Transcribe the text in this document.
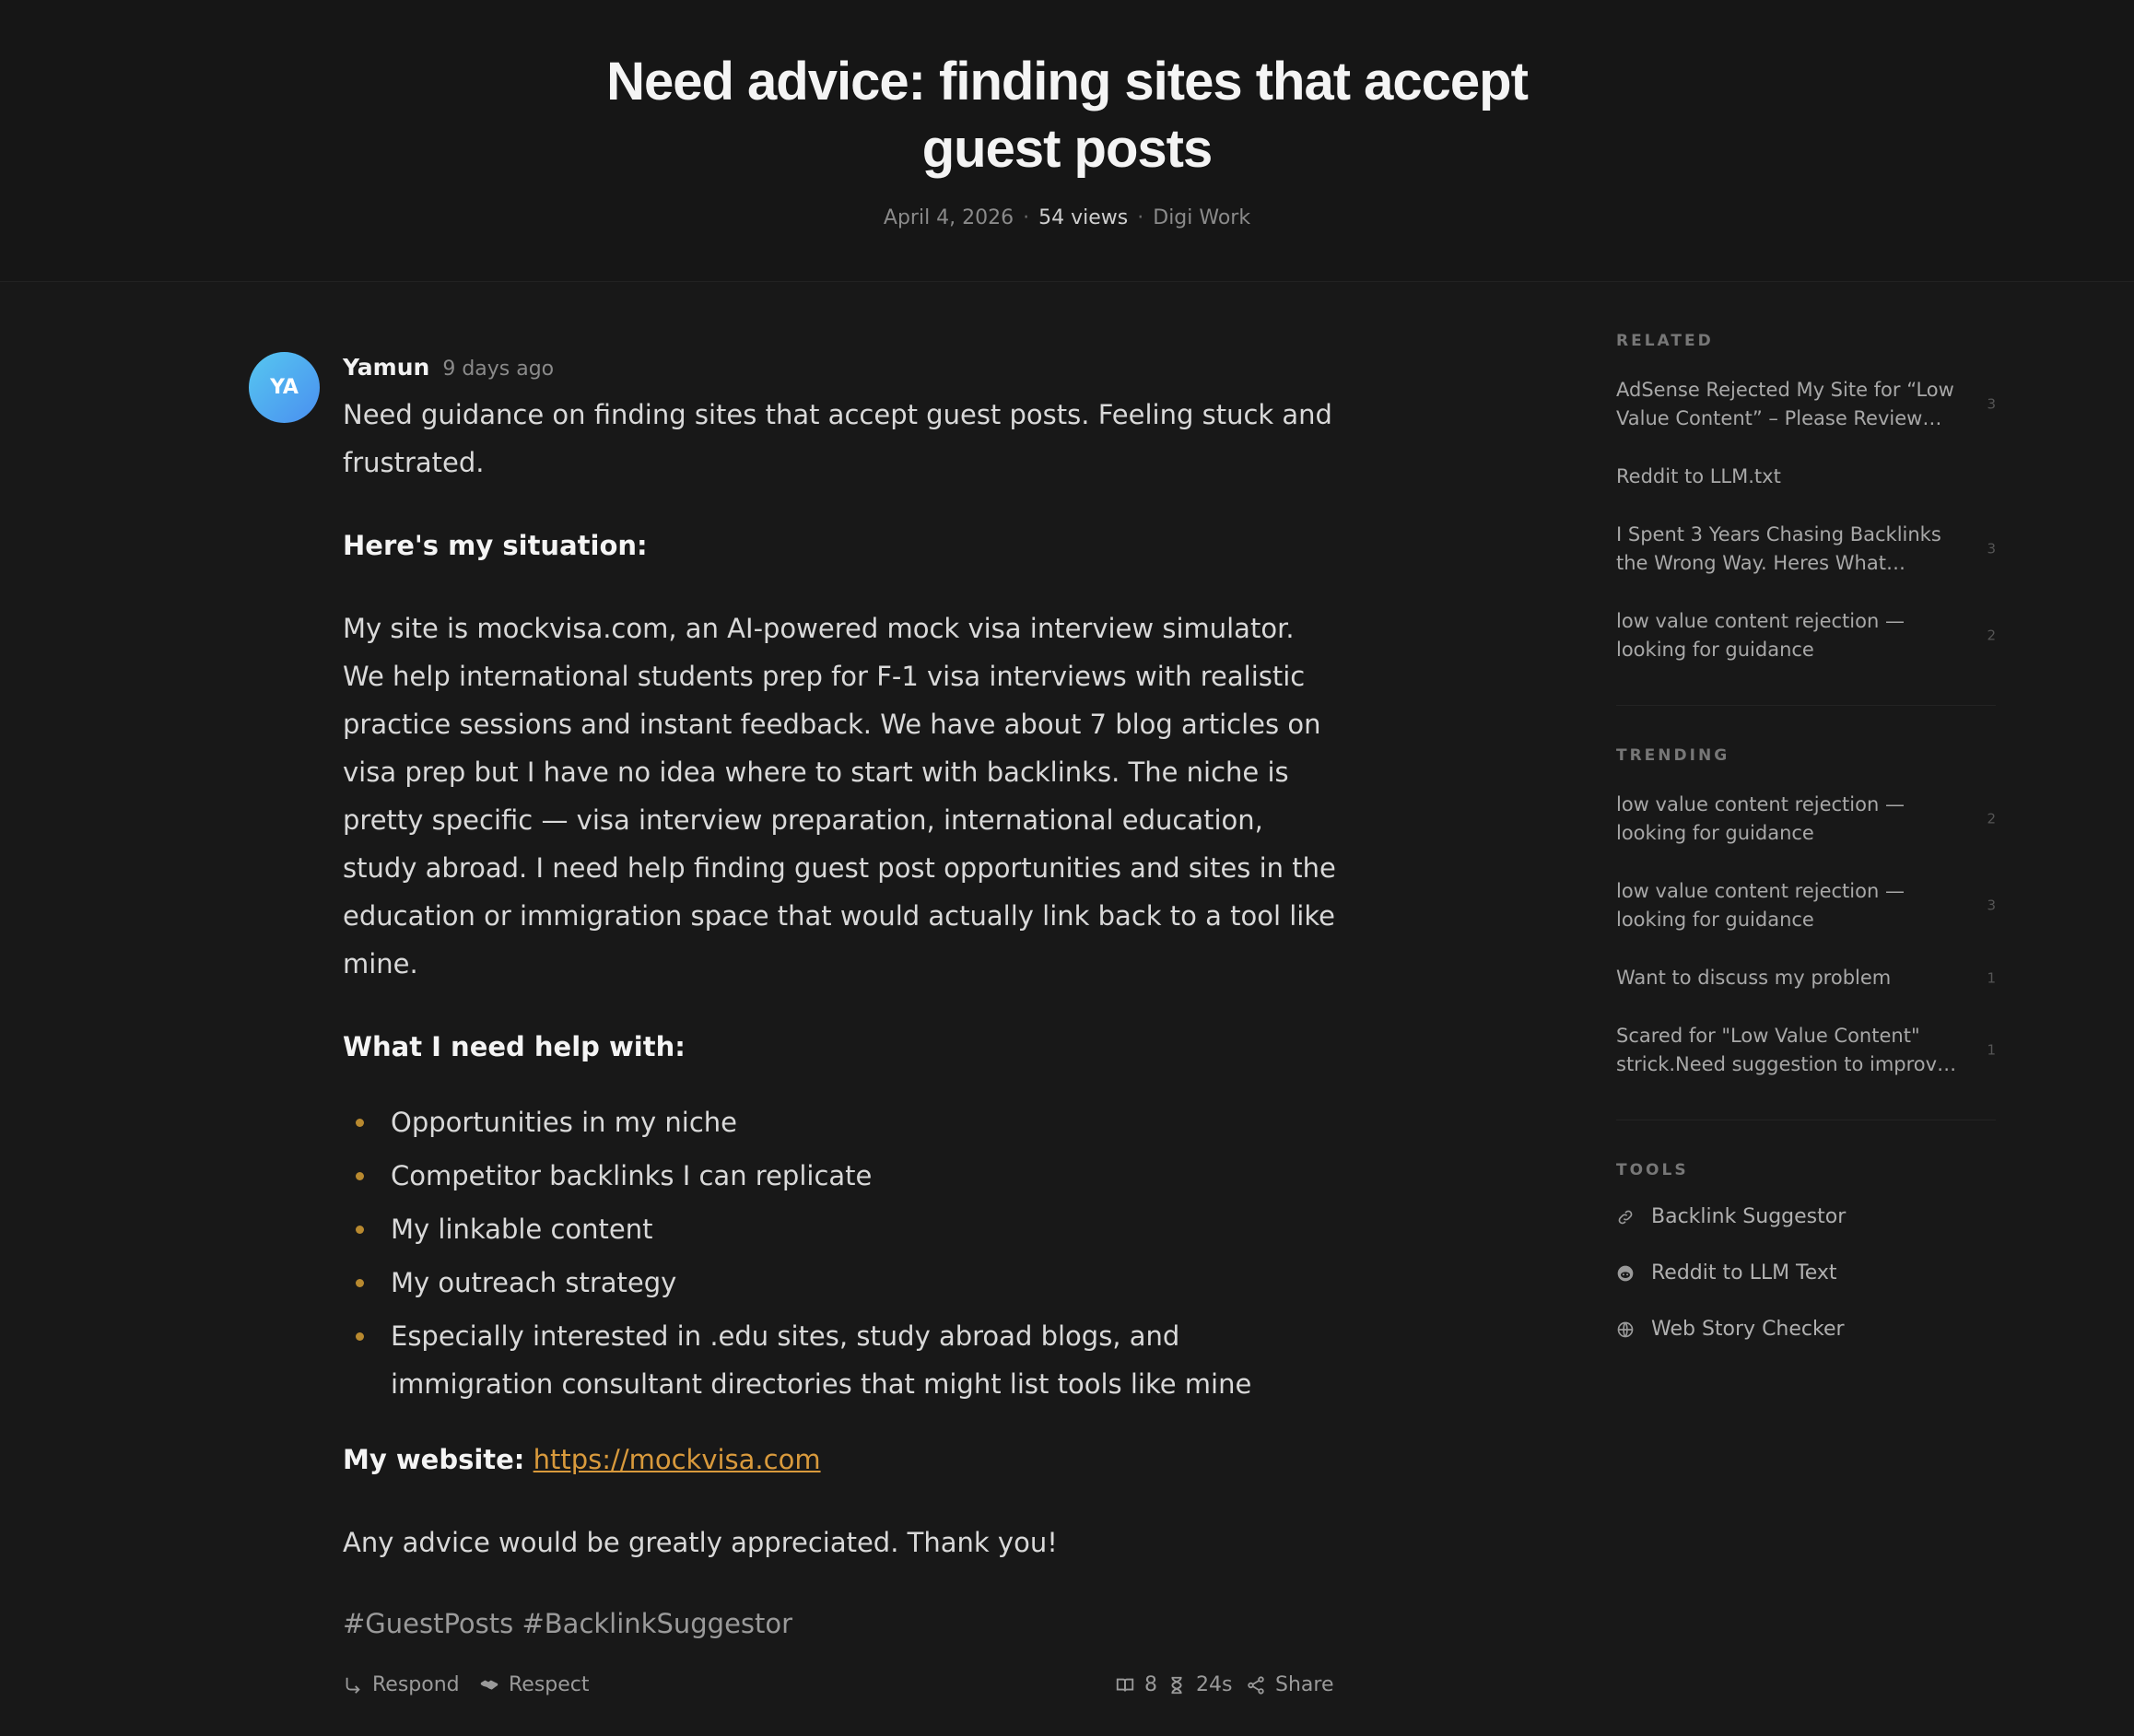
Need advice: finding sites that accept guest posts
April 4, 2026 · 54 views · Digi Work
YA
Yamun 9 days ago

Need guidance on finding sites that accept guest posts. Feeling stuck and frustrated.

Here's my situation:

My site is mockvisa.com, an AI-powered mock visa interview simulator. We help international students prep for F-1 visa interviews with realistic practice sessions and instant feedback. We have about 7 blog articles on visa prep but I have no idea where to start with backlinks. The niche is pretty specific — visa interview preparation, international education, study abroad. I need help finding guest post opportunities and sites in the education or immigration space that would actually link back to a tool like mine.

What I need help with:

Opportunities in my niche
Competitor backlinks I can replicate
My linkable content
My outreach strategy
Especially interested in .edu sites, study abroad blogs, and immigration consultant directories that might list tools like mine

My website: https://mockvisa.com

Any advice would be greatly appreciated. Thank you!

#GuestPosts #BacklinkSuggestor

Respond Respect	8 24s Share
RELATED
AdSense Rejected My Site for “Low Value Content” – Please Review…
3
Reddit to LLM.txt
I Spent 3 Years Chasing Backlinks the Wrong Way. Heres What…
3
low value content rejection — looking for guidance
2
TRENDING
low value content rejection — looking for guidance
2
low value content rejection — looking for guidance
3
Want to discuss my problem	1
Scared for "Low Value Content" strick.Need suggestion to improv…
1
TOOLS
Backlink Suggestor
Reddit to LLM Text
Web Story Checker
